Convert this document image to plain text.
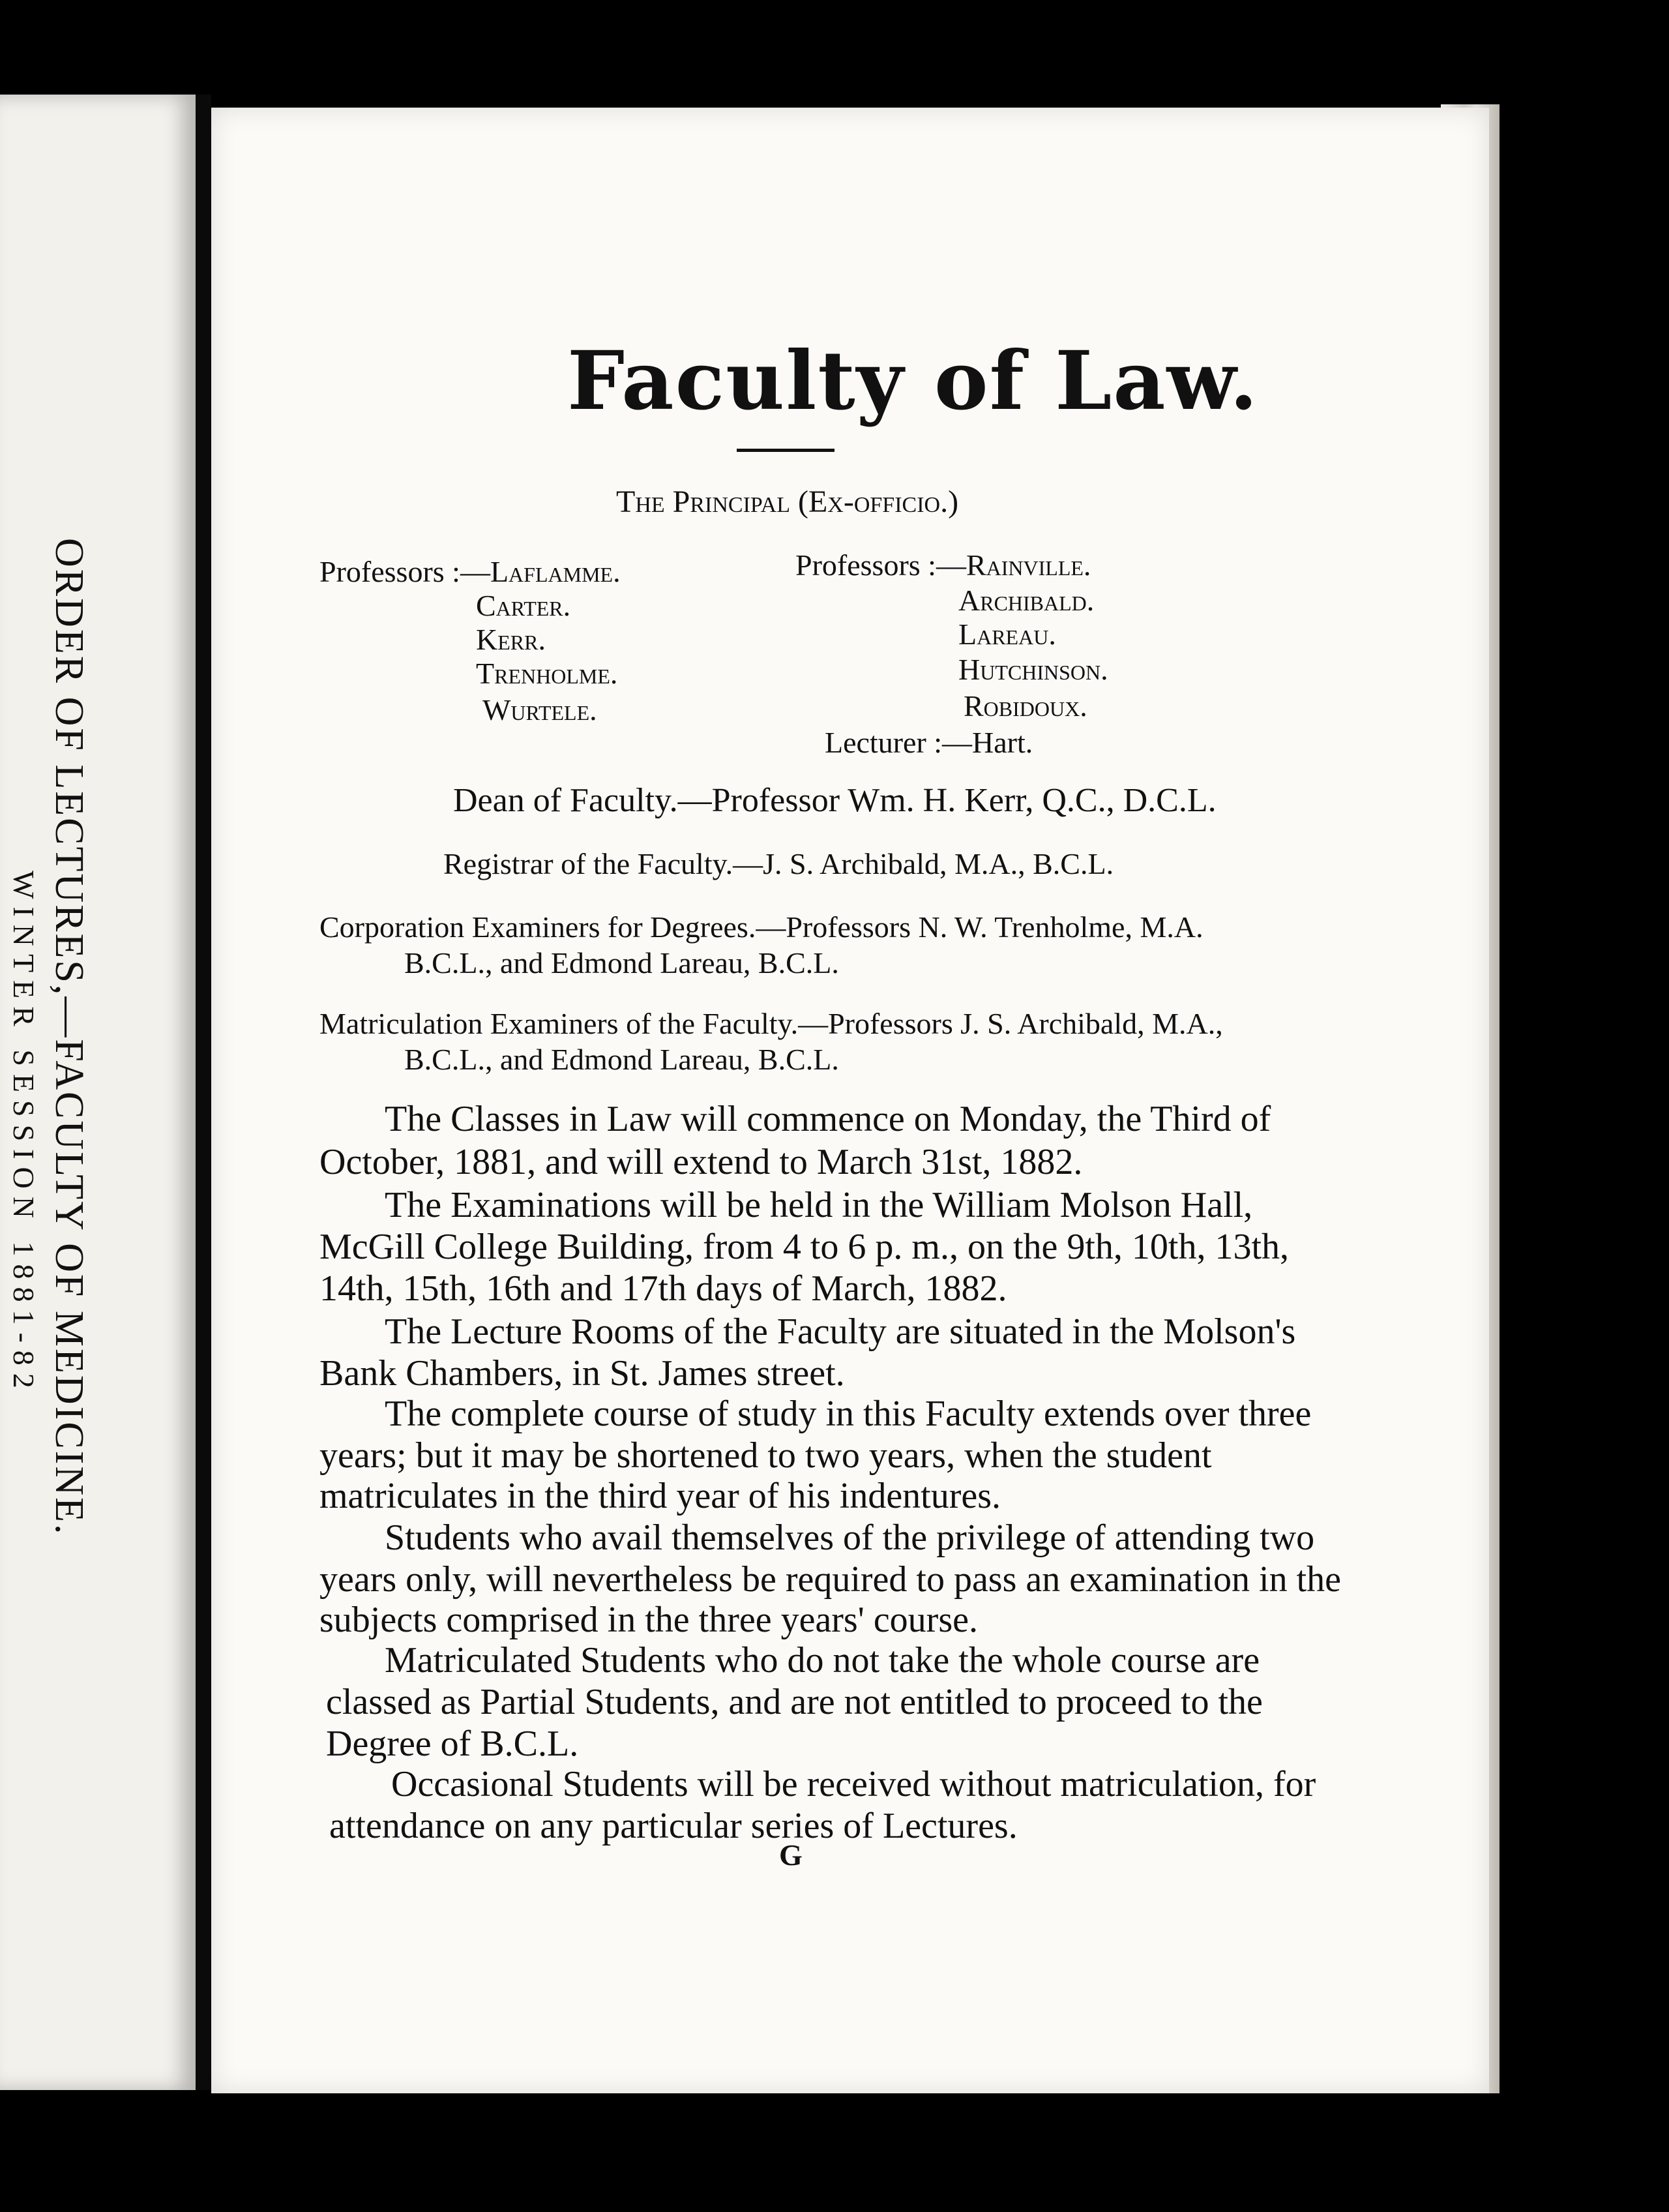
ORDER OF LECTURES,—FACULTY OF MEDICINE.
WINTER SESSION 1881-82
Faculty of Law.
The Principal (Ex-officio.)
Professors :—Laflamme.
Carter.
Kerr.
Trenholme.
Wurtele.
Professors :—Rainville.
Archibald.
Lareau.
Hutchinson.
Robidoux.
Lecturer :—Hart.
Dean of Faculty.—Professor Wm. H. Kerr, Q.C., D.C.L.
Registrar of the Faculty.—J. S. Archibald, M.A., B.C.L.
Corporation Examiners for Degrees.—Professors N. W. Trenholme, M.A.
B.C.L., and Edmond Lareau, B.C.L.
Matriculation Examiners of the Faculty.—Professors J. S. Archibald, M.A.,
B.C.L., and Edmond Lareau, B.C.L.
The Classes in Law will commence on Monday, the Third of
October, 1881, and will extend to March 31st, 1882.
The Examinations will be held in the William Molson Hall,
McGill College Building, from 4 to 6 p. m., on the 9th, 10th, 13th,
14th, 15th, 16th and 17th days of March, 1882.
The Lecture Rooms of the Faculty are situated in the Molson's
Bank Chambers, in St. James street.
The complete course of study in this Faculty extends over three
years; but it may be shortened to two years, when the student
matriculates in the third year of his indentures.
Students who avail themselves of the privilege of attending two
years only, will nevertheless be required to pass an examination in the
subjects comprised in the three years' course.
Matriculated Students who do not take the whole course are
classed as Partial Students, and are not entitled to proceed to the
Degree of B.C.L.
Occasional Students will be received without matriculation, for
attendance on any particular series of Lectures.
G
